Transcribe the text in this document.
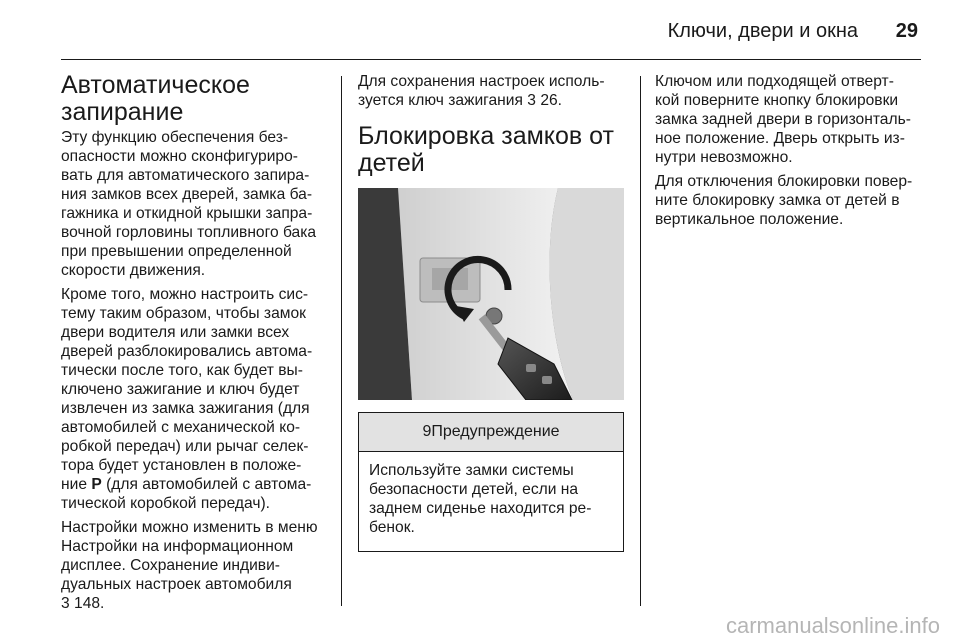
Ключи, двери и окна 29
Автоматическое
запирание

Эту функцию обеспечения без-
опасности можно сконфигуриро-
вать для автоматического запира-
ния замков всех дверей, замка ба-
гажника и откидной крышки запра-
вочной горловины топливного бака
при превышении определенной
скорости движения.

Кроме того, можно настроить сис-
тему таким образом, чтобы замок
двери водителя или замки всех
дверей разблокировались автома-
тически после того, как будет вы-
ключено зажигание и ключ будет
извлечен из замка зажигания (для
автомобилей с механической ко-
робкой передач) или рычаг селек-
тора будет установлен в положе-
ние P (для автомобилей с автома-
тической коробкой передач).

Настройки можно изменить в меню
Настройки на информационном
дисплее. Сохранение индиви-
дуальных настроек автомобиля
3 148.

Для сохранения настроек исполь-
зуется ключ зажигания 3 26.

Блокировка замков от
детей
9Предупреждение
Используйте замки системы
безопасности детей, если на
заднем сиденье находится ре-
бенок.

Ключом или подходящей отверт-
кой поверните кнопку блокировки
замка задней двери в горизонталь-
ное положение. Дверь открыть из-
нутри невозможно.

Для отключения блокировки повер-
ните блокировку замка от детей в
вертикальное положение.

carmanualsonline.info
